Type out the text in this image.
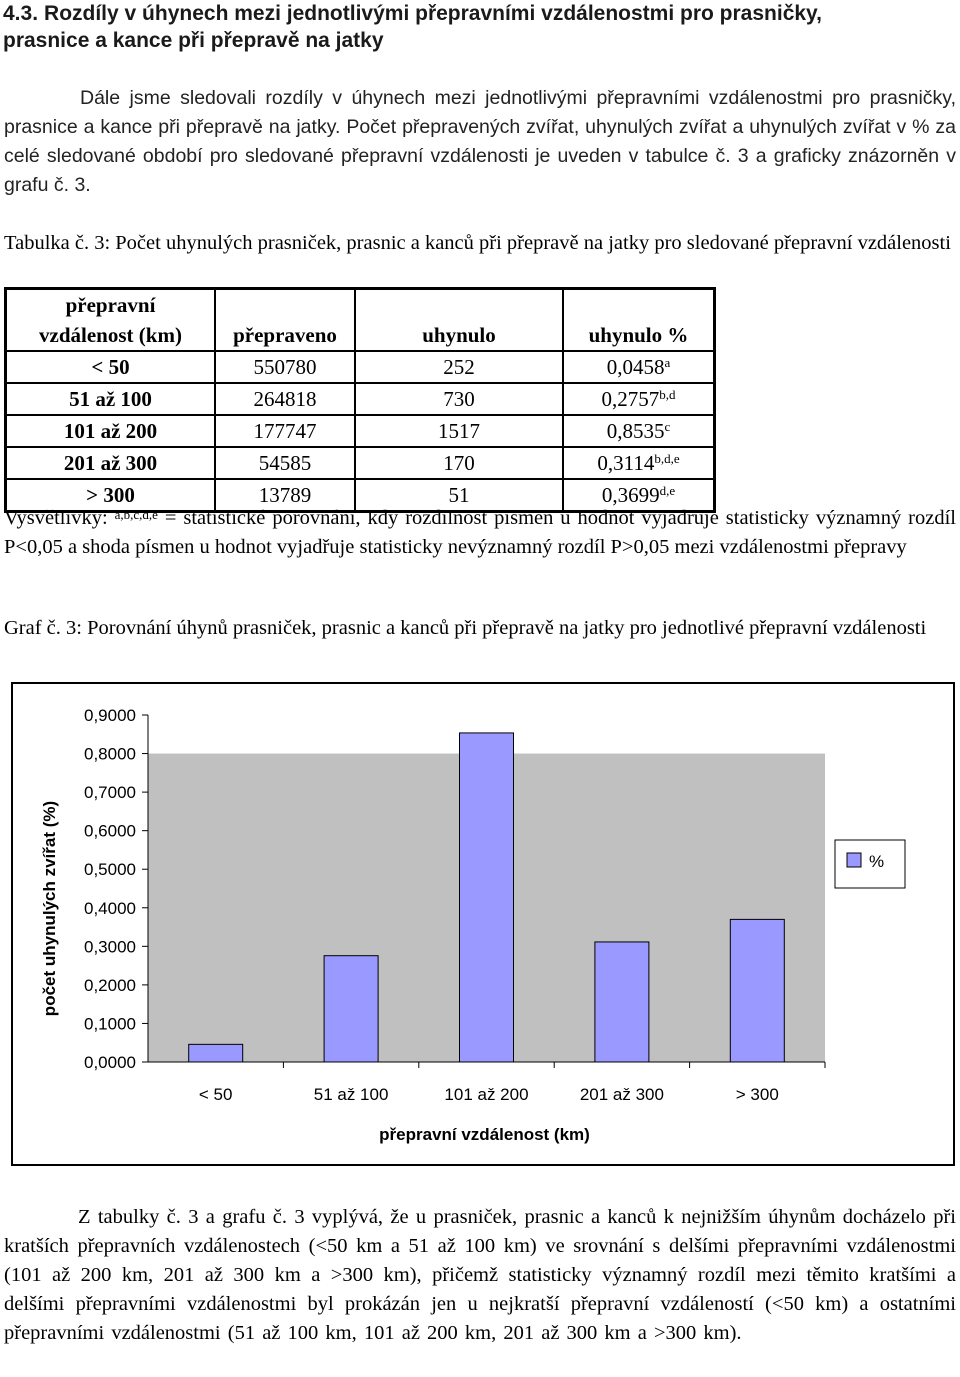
4.3. Rozdíly v úhynech mezi jednotlivými přepravními vzdálenostmi pro prasničky,
prasnice a kance při přepravě na jatky
Dále jsme sledovali rozdíly v úhynech mezi jednotlivými přepravními vzdálenostmi pro prasničky, prasnice a kance při přepravě na jatky. Počet přepravených zvířat, uhynulých zvířat a uhynulých zvířat v % za celé sledované období pro sledované přepravní vzdálenosti je uveden v tabulce č. 3 a graficky znázorněn v grafu č. 3.
Tabulka č. 3: Počet uhynulých prasniček, prasnic a kanců při přepravě na jatky pro sledované přepravní vzdálenosti
přepravní
vzdálenost (km)	přepraveno	uhynulo	uhynulo %
< 50	550780	252	0,0458$^a$
51 až 100	264818	730	0,2757$^{b,d}$
101 až 200	177747	1517	0,8535$^c$
201 až 300	54585	170	$0,3114^{b,d,e}$
> 300	13789	51	0,3699$^{d,e}$
Vysvětlivky: $^{a,b,c,d,e}$ = statistické porovnání, kdy rozdílnost písmen u hodnot vyjadřuje statisticky významný rozdíl P<0,05 a shoda písmen u hodnot vyjadřuje statisticky nevýznamný rozdíl P>0,05 mezi vzdálenostmi přepravy
Graf č. 3: Porovnání úhynů prasniček, prasnic a kanců při přepravě na jatky pro jednotlivé přepravní vzdálenosti
0,0000
0,1000
0,2000
0,3000
0,4000
0,5000
0,6000
0,7000
0,8000
0,9000
< 50	51 až 100	101 až 200	201 až 300	> 300
přepravní vzdálenost (km)
počet uhynulých zvířat (%)	%
Z tabulky č. 3 a grafu č. 3 vyplývá, že u prasniček, prasnic a kanců k nejnižším úhynům docházelo při kratších přepravních vzdálenostech (<50 km a 51 až 100 km) ve srovnání s delšími přepravními vzdálenostmi (101 až 200 km, 201 až 300 km a >300 km), přičemž statisticky významný rozdíl mezi těmito kratšími a delšími přepravními vzdálenostmi byl prokázán jen u nejkratší přepravní vzdáleností (<50 km) a ostatními přepravními vzdálenostmi (51 až 100 km, 101 až 200 km, 201 až 300 km a >300 km).
